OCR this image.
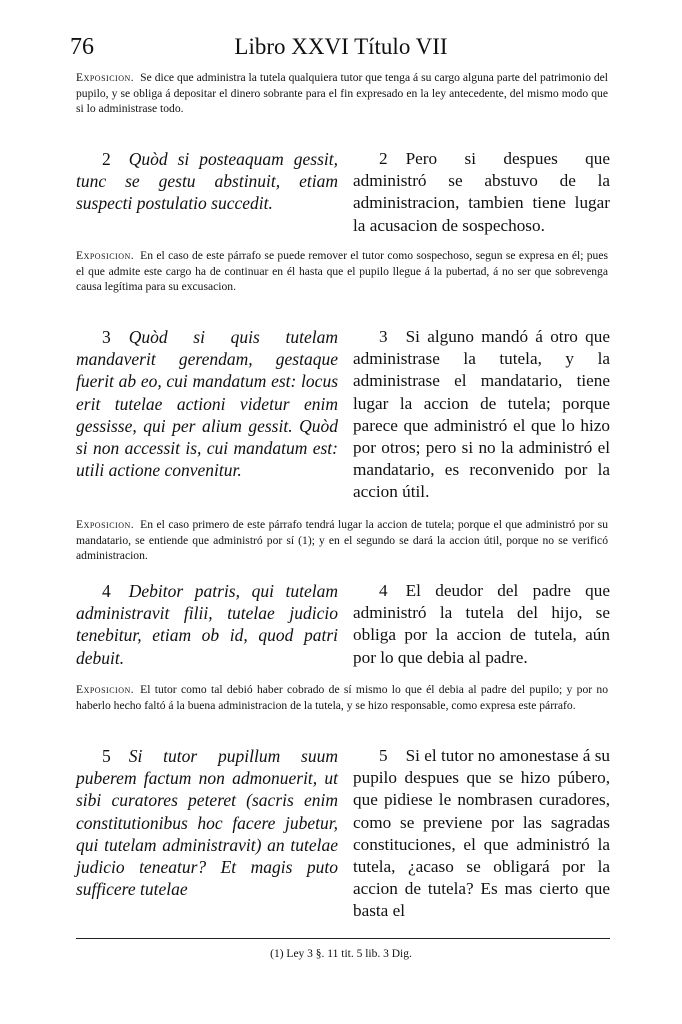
76	Libro XXVI Título VII
Exposicion. Se dice que administra la tutela qualquiera tutor que tenga á su cargo alguna parte del patrimonio del pupilo, y se obliga á depositar el dinero sobrante para el fin expresado en la ley antecedente, del mismo modo que si lo administrase todo.
2 Quòd si posteaquam gessit, tunc se gestu abstinuit, etiam suspecti postulatio succedit.
2 Pero si despues que administró se abstuvo de la administracion, tambien tiene lugar la acusacion de sospechoso.
Exposicion. En el caso de este párrafo se puede remover el tutor como sospechoso, segun se expresa en él; pues el que admite este cargo ha de continuar en él hasta que el pupilo llegue á la pubertad, á no ser que sobrevenga causa legítima para su excusacion.
3 Quòd si quis tutelam mandaverit gerendam, gestaque fuerit ab eo, cui mandatum est: locus erit tutelae actioni videtur enim gessisse, qui per alium gessit. Quòd si non accessit is, cui mandatum est: utili actione convenitur.
3 Si alguno mandó á otro que administrase la tutela, y la administrase el mandatario, tiene lugar la accion de tutela; porque parece que administró el que lo hizo por otros; pero si no la administró el mandatario, es reconvenido por la accion útil.
Exposicion. En el caso primero de este párrafo tendrá lugar la accion de tutela; porque el que administró por su mandatario, se entiende que administró por sí (1); y en el segundo se dará la accion útil, porque no se verificó administracion.
4 Debitor patris, qui tutelam administravit filii, tutelae judicio tenebitur, etiam ob id, quod patri debuit.
4 El deudor del padre que administró la tutela del hijo, se obliga por la accion de tutela, aún por lo que debia al padre.
Exposicion. El tutor como tal debió haber cobrado de sí mismo lo que él debia al padre del pupilo; y por no haberlo hecho faltó á la buena administracion de la tutela, y se hizo responsable, como expresa este párrafo.
5 Si tutor pupillum suum puberem factum non admonuerit, ut sibi curatores peteret (sacris enim constitutionibus hoc facere jubetur, qui tutelam administravit) an tutelae judicio teneatur? Et magis puto sufficere tutelae
5 Si el tutor no amonestase á su pupilo despues que se hizo púbero, que pidiese le nombrasen curadores, como se previene por las sagradas constituciones, el que administró la tutela, ¿acaso se obligará por la accion de tutela? Es mas cierto que basta el
(1) Ley 3 §. 11 tit. 5 lib. 3 Dig.
